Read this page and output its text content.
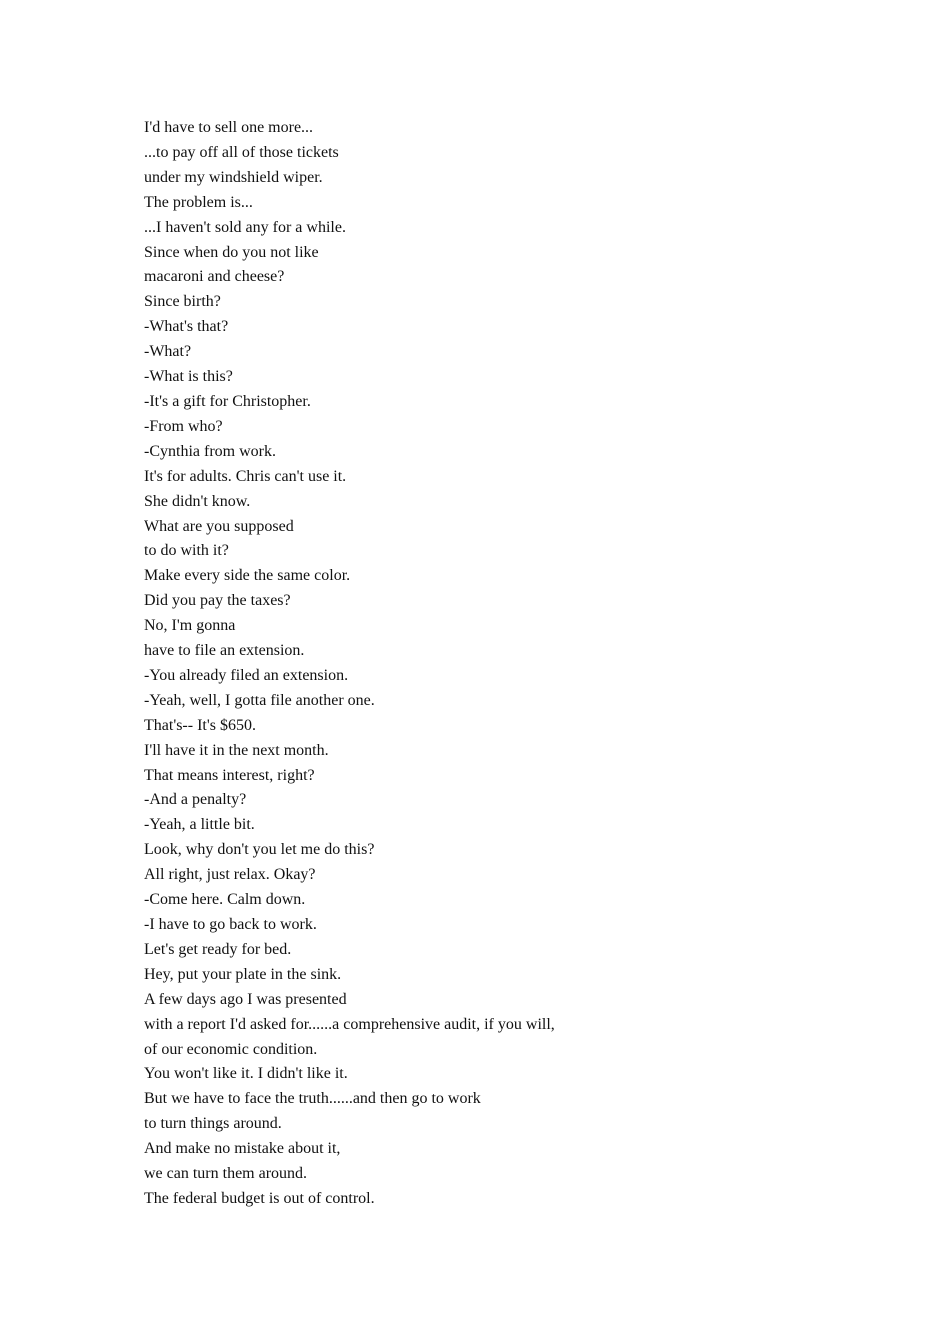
I'd have to sell one more...
...to pay off all of those tickets
under my windshield wiper.
The problem is...
...I haven't sold any for a while.
Since when do you not like
macaroni and cheese?
Since birth?
-What's that?
-What?
-What is this?
-It's a gift for Christopher.
-From who?
-Cynthia from work.
It's for adults. Chris can't use it.
She didn't know.
What are you supposed
to do with it?
Make every side the same color.
Did you pay the taxes?
No, I'm gonna
have to file an extension.
-You already filed an extension.
-Yeah, well, I gotta file another one.
That's-- It's $650.
I'll have it in the next month.
That means interest, right?
-And a penalty?
-Yeah, a little bit.
Look, why don't you let me do this?
All right, just relax. Okay?
-Come here. Calm down.
-I have to go back to work.
Let's get ready for bed.
Hey, put your plate in the sink.
A few days ago I was presented
with a report I'd asked for......a comprehensive audit, if you will,
of our economic condition.
You won't like it. I didn't like it.
But we have to face the truth......and then go to work
to turn things around.
And make no mistake about it,
we can turn them around.
The federal budget is out of control.
